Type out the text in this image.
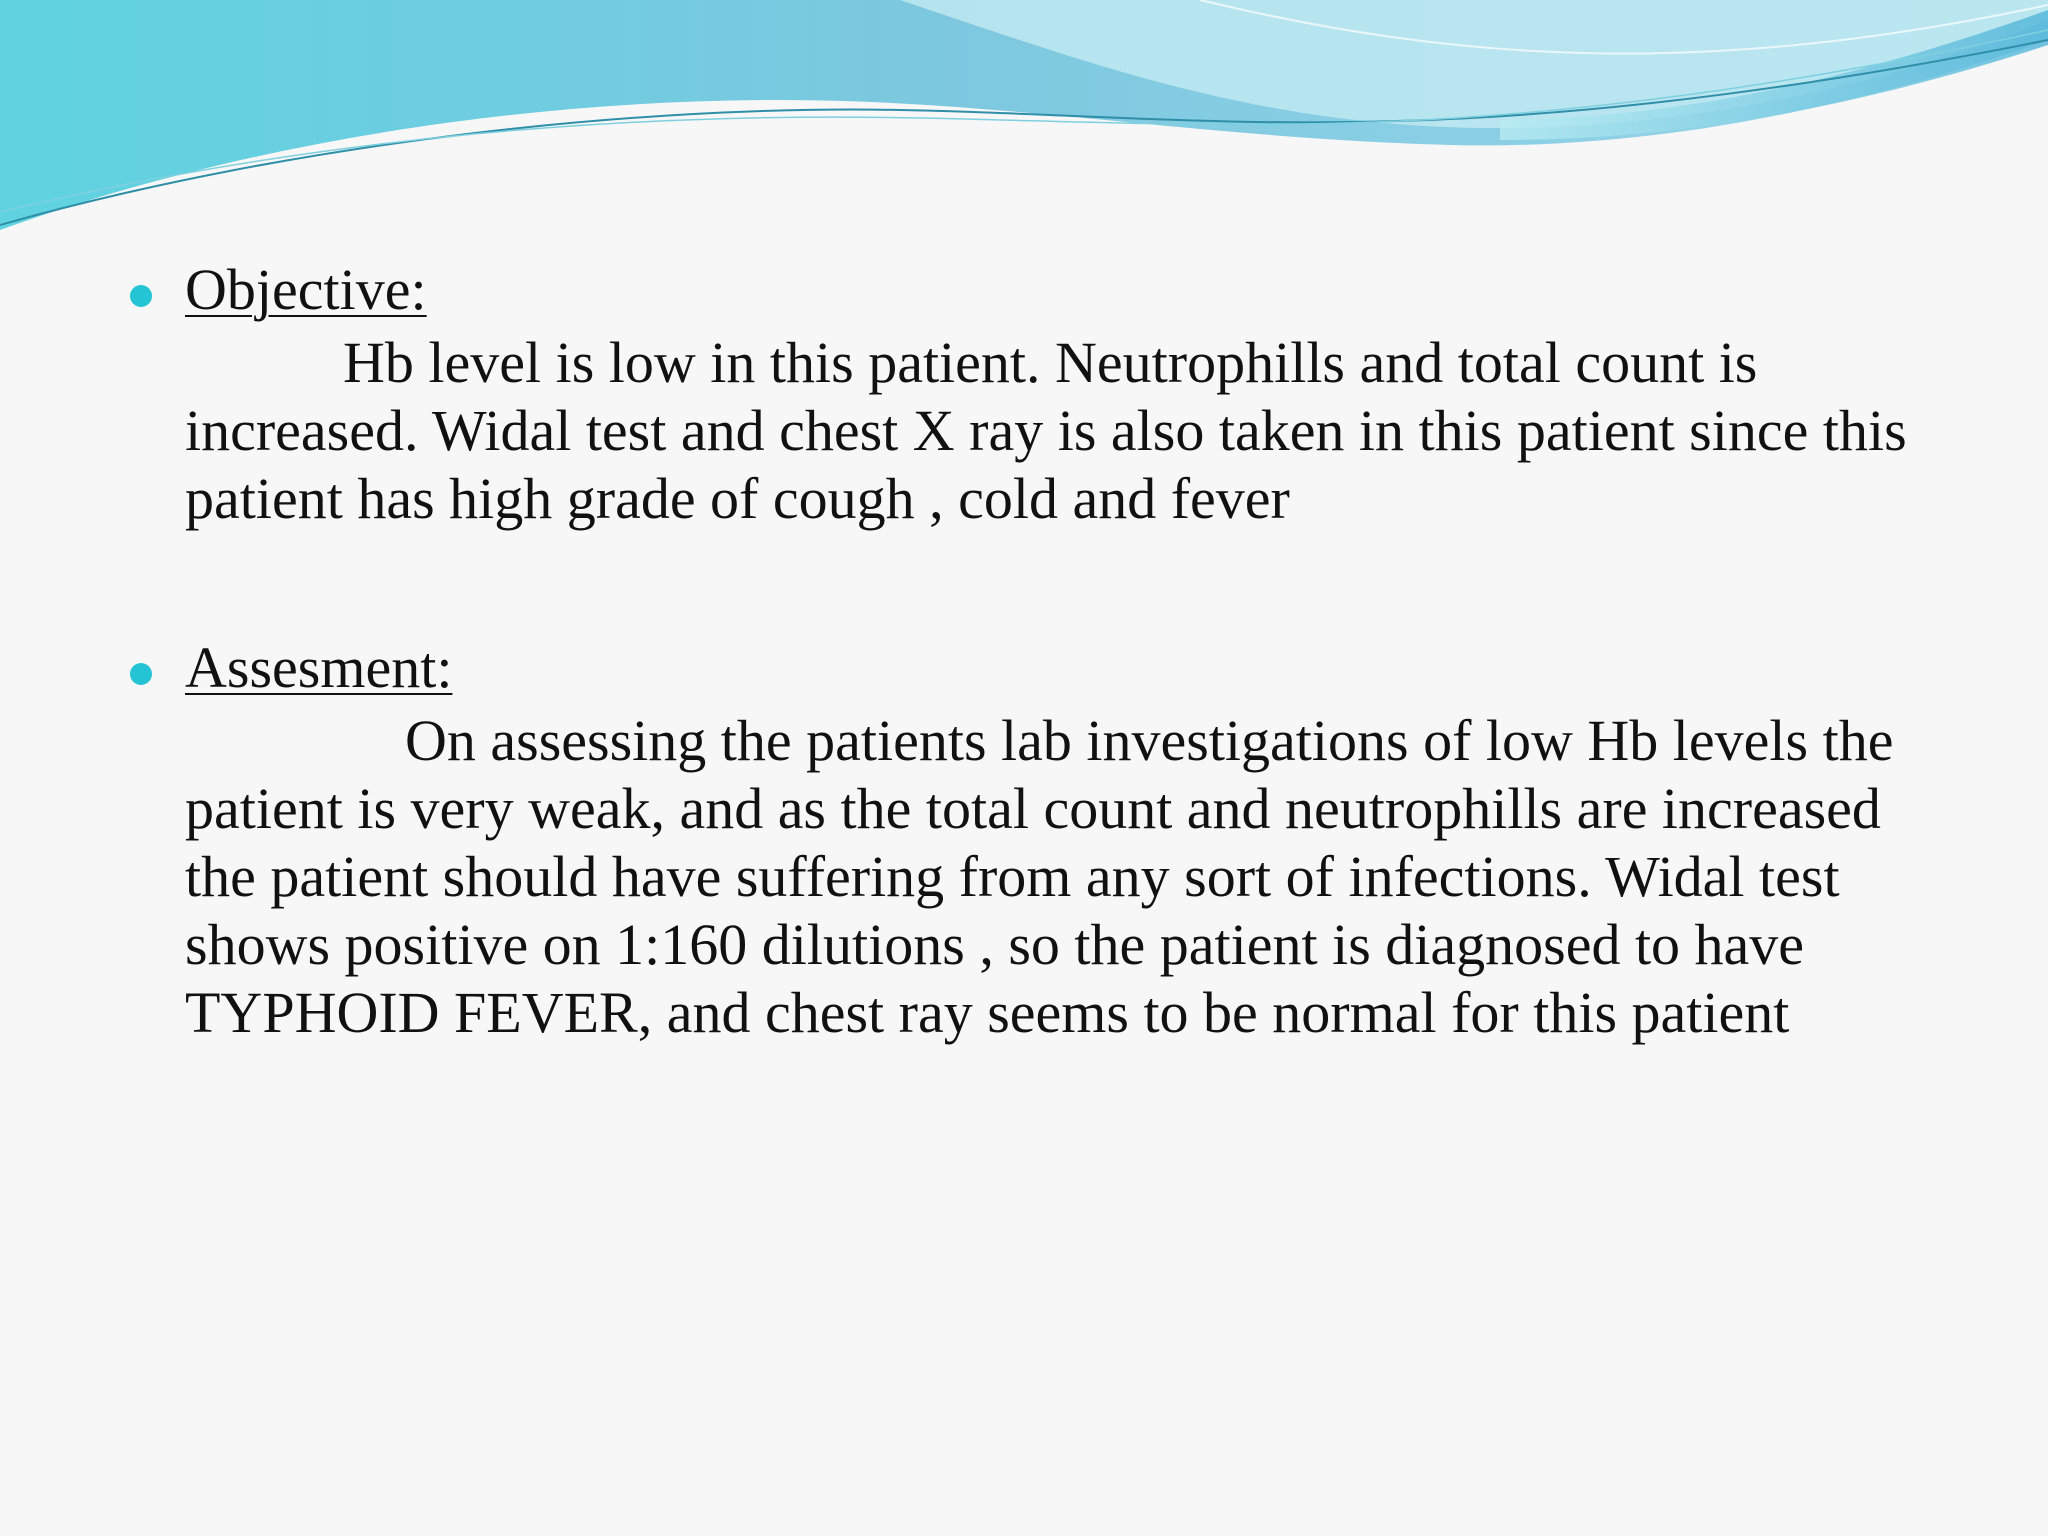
Objective:
Hb level is low in this patient. Neutrophills and total count is increased. Widal test and chest X ray is also taken in this patient since this patient has high grade of cough , cold and fever
Assesment:
On assessing the patients lab investigations of low Hb levels the patient is very weak, and as the total count and neutrophills are increased the patient should have suffering from any sort of infections. Widal test shows positive on 1:160 dilutions , so the patient is diagnosed to have TYPHOID FEVER, and chest ray seems to be normal for this patient
